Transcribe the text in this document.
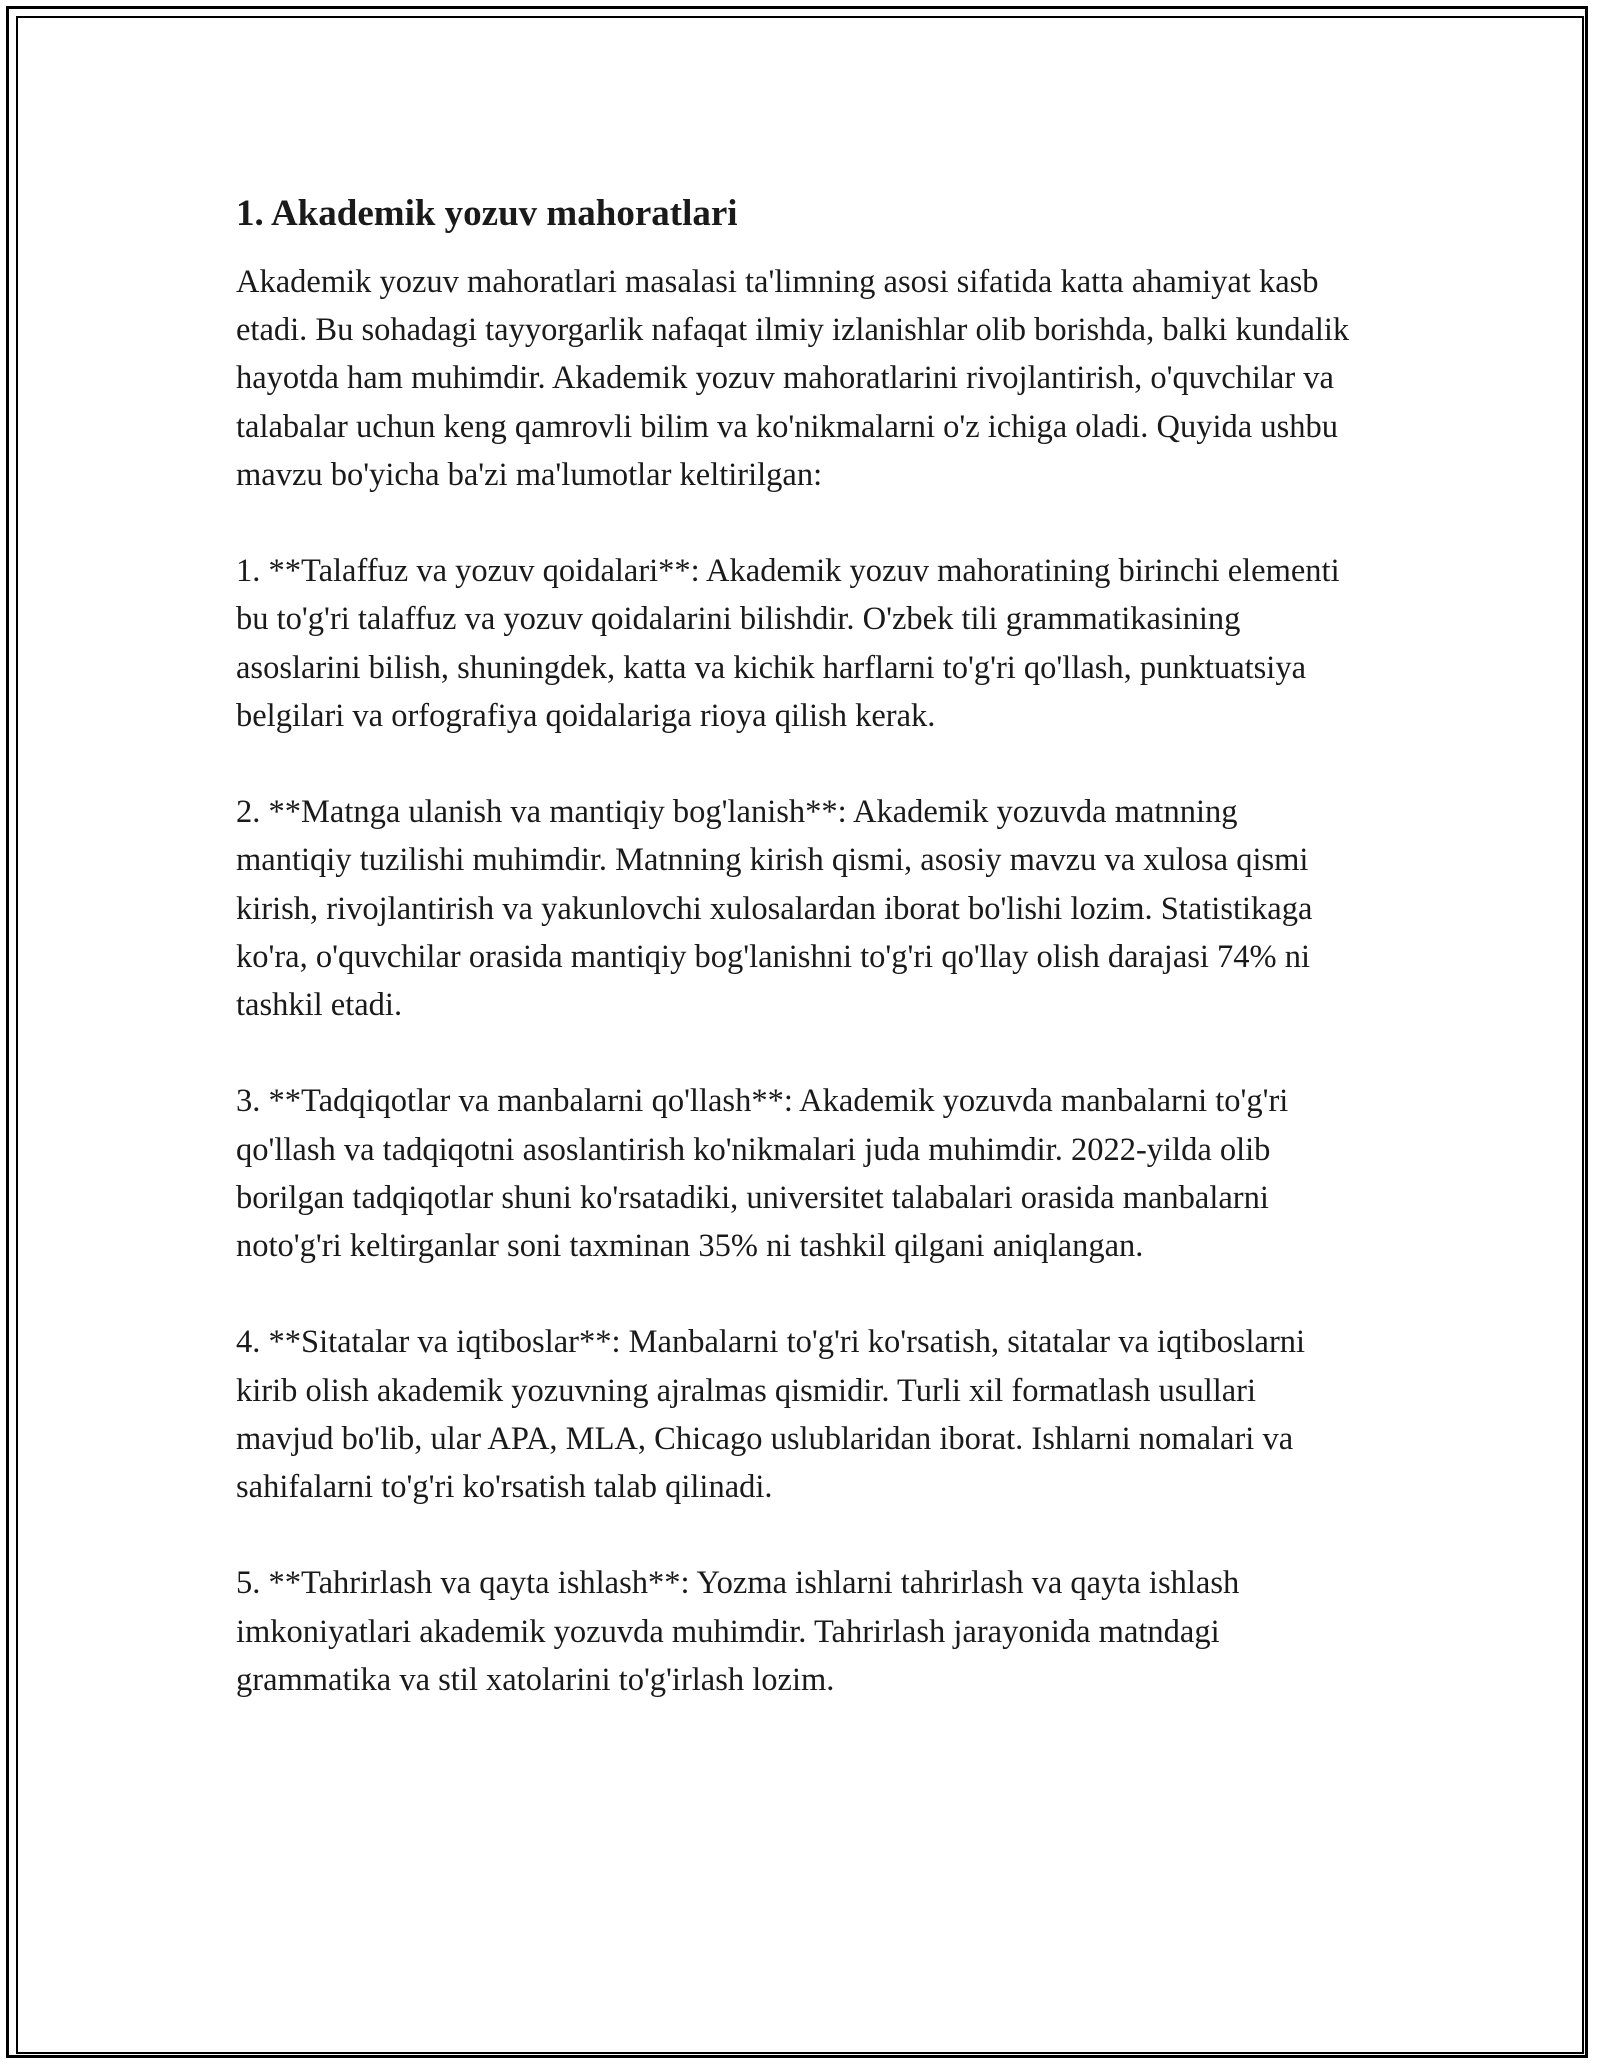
1. Akademik yozuv mahoratlari

Akademik yozuv mahoratlari masalasi ta'limning asosi sifatida katta ahamiyat kasb etadi. Bu sohadagi tayyorgarlik nafaqat ilmiy izlanishlar olib borishda, balki kundalik hayotda ham muhimdir. Akademik yozuv mahoratlarini rivojlantirish, o'quvchilar va talabalar uchun keng qamrovli bilim va ko'nikmalarni o'z ichiga oladi. Quyida ushbu mavzu bo'yicha ba'zi ma'lumotlar keltirilgan:

1. **Talaffuz va yozuv qoidalari**: Akademik yozuv mahoratining birinchi elementi bu to'g'ri talaffuz va yozuv qoidalarini bilishdir. O'zbek tili grammatikasining asoslarini bilish, shuningdek, katta va kichik harflarni to'g'ri qo'llash, punktuatsiya belgilari va orfografiya qoidalariga rioya qilish kerak.

2. **Matnga ulanish va mantiqiy bog'lanish**: Akademik yozuvda matnning mantiqiy tuzilishi muhimdir. Matnning kirish qismi, asosiy mavzu va xulosa qismi kirish, rivojlantirish va yakunlovchi xulosalardan iborat bo'lishi lozim. Statistikaga ko'ra, o'quvchilar orasida mantiqiy bog'lanishni to'g'ri qo'llay olish darajasi 74% ni tashkil etadi.

3. **Tadqiqotlar va manbalarni qo'llash**: Akademik yozuvda manbalarni to'g'ri qo'llash va tadqiqotni asoslantirish ko'nikmalari juda muhimdir. 2022-yilda olib borilgan tadqiqotlar shuni ko'rsatadiki, universitet talabalari orasida manbalarni noto'g'ri keltirganlar soni taxminan 35% ni tashkil qilgani aniqlangan.

4. **Sitatalar va iqtiboslar**: Manbalarni to'g'ri ko'rsatish, sitatalar va iqtiboslarni kirib olish akademik yozuvning ajralmas qismidir. Turli xil formatlash usullari mavjud bo'lib, ular APA, MLA, Chicago uslublaridan iborat. Ishlarni nomalari va sahifalarni to'g'ri ko'rsatish talab qilinadi.

5. **Tahrirlash va qayta ishlash**: Yozma ishlarni tahrirlash va qayta ishlash imkoniyatlari akademik yozuvda muhimdir. Tahrirlash jarayonida matndagi grammatika va stil xatolarini to'g'irlash lozim.
